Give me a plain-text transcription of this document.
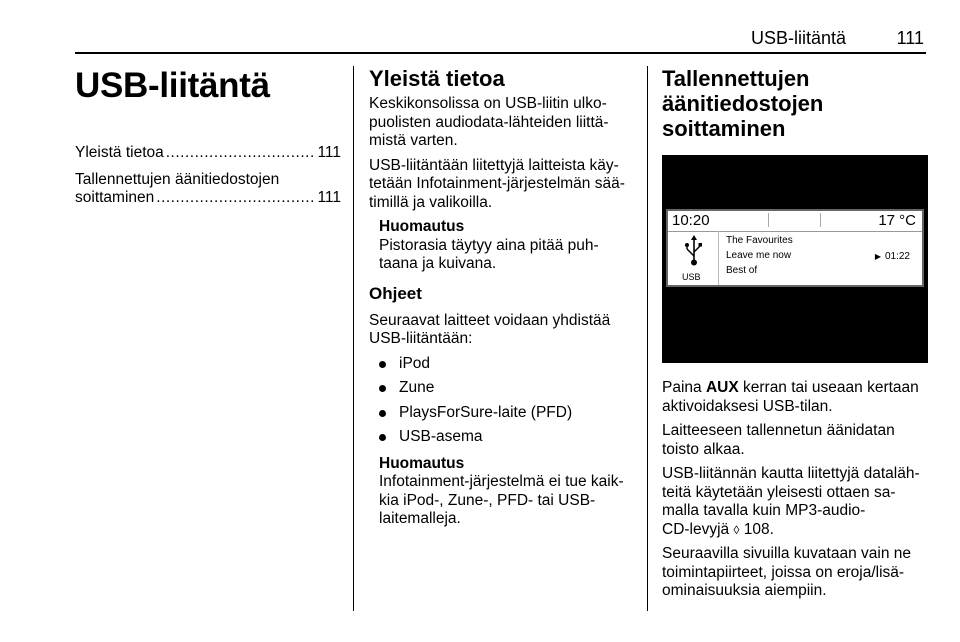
USB-liitäntä	111
USB-liitäntä
Yleistä tietoa .....	111
Tallennettujen äänitiedostojen
soittaminen .....	111
Yleistä tietoa

Keskikonsolissa on USB-liitin ulko-puolisten audiodata-lähteiden liittä-mistä varten.

USB-liitäntään liitettyjä laitteista käy-tetään Infotainment-järjestelmän sää-timillä ja valikoilla.

Huomautus
Pistorasia täytyy aina pitää puh-taana ja kuivana.
Ohjeet

Seuraavat laitteet voidaan yhdistää USB-liitäntään:

iPod
Zune
PlaysForSure-laite (PFD)
USB-asema
Huomautus
Infotainment-järjestelmä ei tue kaik-kia iPod-, Zune-, PFD- tai USB-laitemalleja.
Tallennettujen äänitiedostojen soittaminen
10:20	17 °C
USB
The Favourites
Leave me now
Best of
▶ 01:22

Paina AUX kerran tai useaan kertaan aktivoidaksesi USB-tilan.

Laitteeseen tallennetun äänidatan toisto alkaa.

USB-liitännän kautta liitettyjä dataläh-teitä käytetään yleisesti ottaen sa-malla tavalla kuin MP3-audio-
CD-levyjä ◊ 108.

Seuraavilla sivuilla kuvataan vain ne toimintapiirteet, joissa on eroja/lisä-ominaisuuksia aiempiin.
